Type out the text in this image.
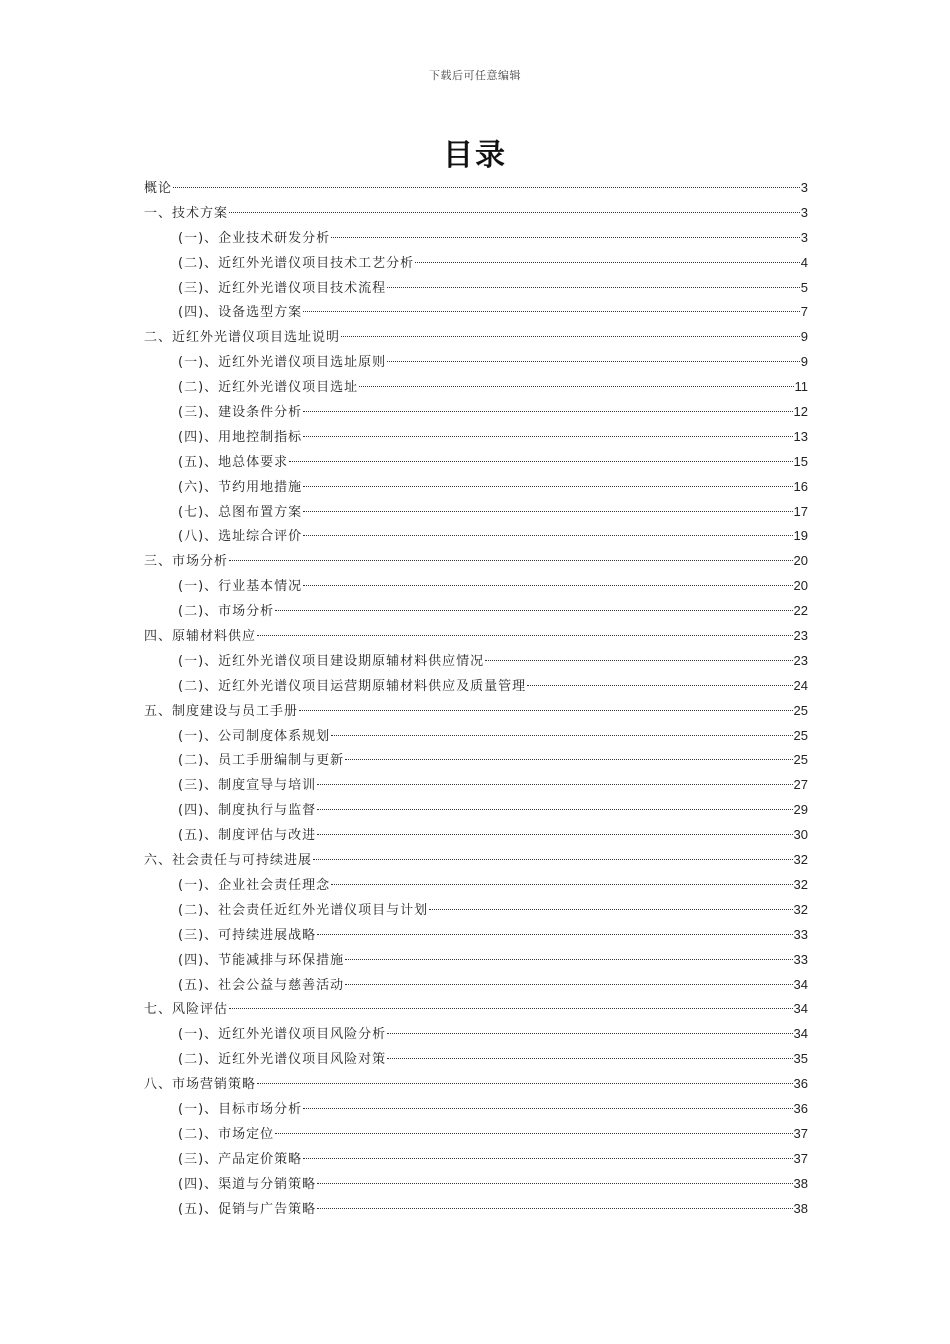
下载后可任意编辑
目录
概论	3
一、技术方案	3
(一)、企业技术研发分析	3
(二)、近红外光谱仪项目技术工艺分析	4
(三)、近红外光谱仪项目技术流程	5
(四)、设备选型方案	7
二、近红外光谱仪项目选址说明	9
(一)、近红外光谱仪项目选址原则	9
(二)、近红外光谱仪项目选址	11
(三)、建设条件分析	12
(四)、用地控制指标	13
(五)、地总体要求	15
(六)、节约用地措施	16
(七)、总图布置方案	17
(八)、选址综合评价	19
三、市场分析	20
(一)、行业基本情况	20
(二)、市场分析	22
四、原辅材料供应	23
(一)、近红外光谱仪项目建设期原辅材料供应情况	23
(二)、近红外光谱仪项目运营期原辅材料供应及质量管理	24
五、制度建设与员工手册	25
(一)、公司制度体系规划	25
(二)、员工手册编制与更新	25
(三)、制度宣导与培训	27
(四)、制度执行与监督	29
(五)、制度评估与改进	30
六、社会责任与可持续进展	32
(一)、企业社会责任理念	32
(二)、社会责任近红外光谱仪项目与计划	32
(三)、可持续进展战略	33
(四)、节能减排与环保措施	33
(五)、社会公益与慈善活动	34
七、风险评估	34
(一)、近红外光谱仪项目风险分析	34
(二)、近红外光谱仪项目风险对策	35
八、市场营销策略	36
(一)、目标市场分析	36
(二)、市场定位	37
(三)、产品定价策略	37
(四)、渠道与分销策略	38
(五)、促销与广告策略	38
